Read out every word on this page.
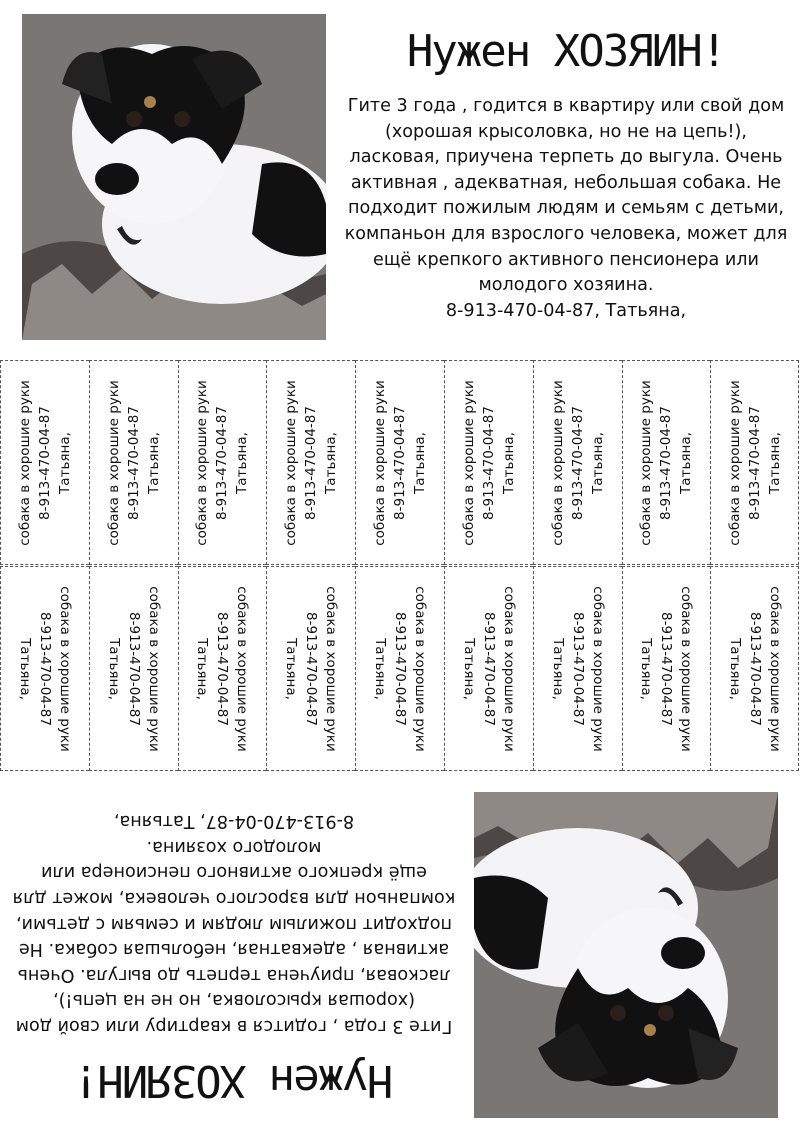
Нужен ХОЗЯИН!

Гите 3 года , годится в квартиру или свой дом (хорошая крысоловка, но не на цепь!), ласковая, приучена терпеть до выгула. Очень активная , адекватная, небольшая собака. Не подходит пожилым людям и семьям с детьми, компаньон для взрослого человека, может для ещё крепкого активного пенсионера или молодого хозяина.
8-913-470-04-87, Татьяна,

собака в хорошие руки 8-913-470-04-87 Татьяна, собака в хорошие руки 8-913-470-04-87 Татьяна, собака в хорошие руки 8-913-470-04-87 Татьяна, собака в хорошие руки 8-913-470-04-87 Татьяна, собака в хорошие руки 8-913-470-04-87 Татьяна, собака в хорошие руки 8-913-470-04-87 Татьяна, собака в хорошие руки 8-913-470-04-87 Татьяна, собака в хорошие руки 8-913-470-04-87 Татьяна, собака в хорошие руки 8-913-470-04-87 Татьяна,
собака в хорошие руки
8-913-470-04-87
Татьяна,	собака в хорошие руки
8-913-470-04-87
Татьяна,	собака в хорошие руки
8-913-470-04-87
Татьяна,	собака в хорошие руки
8-913-470-04-87
Татьяна,	собака в хорошие руки
8-913-470-04-87
Татьяна,	собака в хорошие руки
8-913-470-04-87
Татьяна,	собака в хорошие руки
8-913-470-04-87
Татьяна,	собака в хорошие руки
8-913-470-04-87
Татьяна,	собака в хорошие руки
8-913-470-04-87
Татьяна,
Нужен ХОЗЯИН!

Гите 3 года , годится в квартиру или свой дом (хорошая крысоловка, но не на цепь!), ласковая, приучена терпеть до выгула. Очень активная , адекватная, небольшая собака. Не подходит пожилым людям и семьям с детьми, компаньон для взрослого человека, может для ещё крепкого активного пенсионера или молодого хозяина.
8-913-470-04-87, Татьяна,
